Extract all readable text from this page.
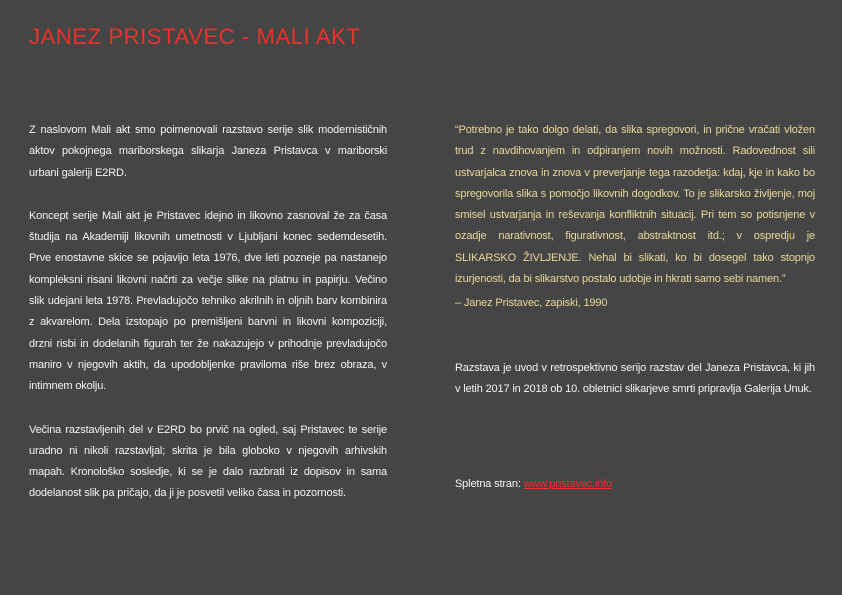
JANEZ PRISTAVEC - MALI AKT

Z naslovom Mali akt smo poimenovali razstavo serije slik modernističnih aktov pokojnega mariborskega slikarja Janeza Pristavca v mariborski urbani galeriji E2RD.

Koncept serije Mali akt je Pristavec idejno in likovno zasnoval že za časa študija na Akademiji likovnih umetnosti v Ljubljani konec sedemdesetih. Prve enostavne skice se pojavijo leta 1976, dve leti pozneje pa nastanejo kompleksni risani likovni načrti za večje slike na platnu in papirju. Večino slik udejani leta 1978. Prevladujočo tehniko akrilnih in oljnih barv kombinira z akvarelom. Dela izstopajo po premišljeni barvni in likovni kompoziciji, drzni risbi in dodelanih figurah ter že nakazujejo v prihodnje prevladujočo maniro v njegovih aktih, da upodobljenke praviloma riše brez obraza, v intimnem okolju.

Večina razstavljenih del v E2RD bo prvič na ogled, saj Pristavec te serije uradno ni nikoli razstavljal; skrita je bila globoko v njegovih arhivskih mapah. Kronološko sosledje, ki se je dalo razbrati iz dopisov in sama dodelanost slik pa pričajo, da ji je posvetil veliko časa in pozornosti.

“Potrebno je tako dolgo delati, da slika spregovori, in prične vračati vložen trud z navdihovanjem in odpiranjem novih možnosti. Radovednost sili ustvarjalca znova in znova v preverjanje tega razodetja: kdaj, kje in kako bo spregovorila slika s pomočjo likovnih dogodkov. To je slikarsko življenje, moj smisel ustvarjanja in reševanja konfliktnih situacij. Pri tem so potisnjene v ozadje narativnost, figurativnost, abstraktnost itd.; v ospredju je SLIKARSKO ŽIVLJENJE. Nehal bi slikati, ko bi dosegel tako stopnjo izurjenosti, da bi slikarstvo postalo udobje in hkrati samo sebi namen.”

– Janez Pristavec, zapiski, 1990

Razstava je uvod v retrospektivno serijo razstav del Janeza Pristavca, ki jih v letih 2017 in 2018 ob 10. obletnici slikarjeve smrti pripravlja Galerija Unuk.

Spletna stran: www.pristavec.info
